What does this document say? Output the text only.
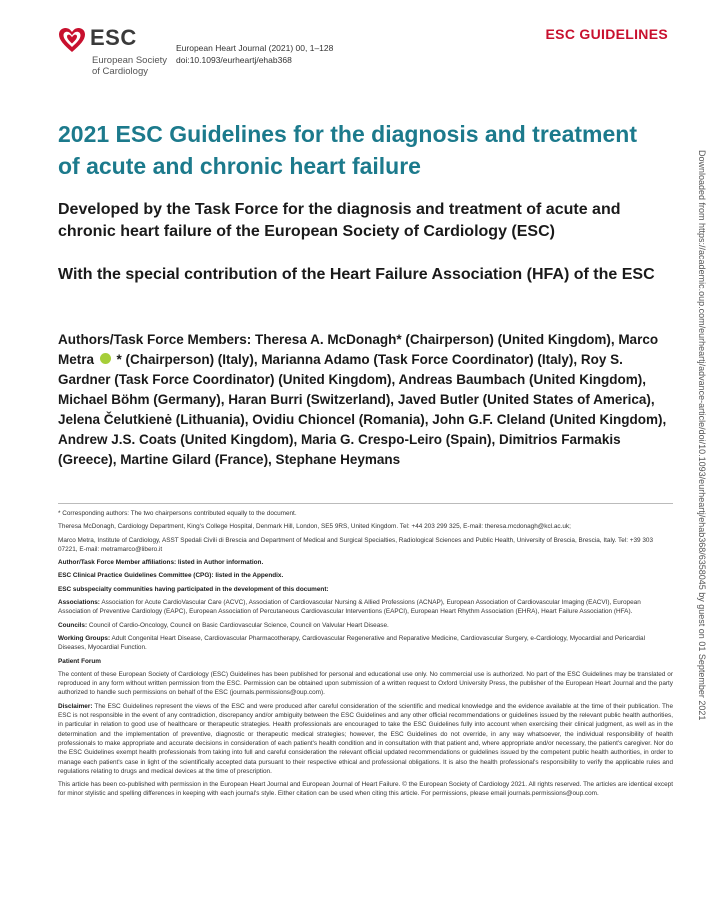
ESC
European Society
of Cardiology
European Heart Journal (2021) 00, 1–128
doi:10.1093/eurheartj/ehab368
ESC GUIDELINES
Downloaded from https://academic.oup.com/eurheartj/advance-article/doi/10.1093/eurheartj/ehab368/6358045 by guest on 01 September 2021
2021 ESC Guidelines for the diagnosis and treatment of acute and chronic heart failure
Developed by the Task Force for the diagnosis and treatment of acute and chronic heart failure of the European Society of Cardiology (ESC)
With the special contribution of the Heart Failure Association (HFA) of the ESC
Authors/Task Force Members: Theresa A. McDonagh* (Chairperson) (United Kingdom), Marco Metra * (Chairperson) (Italy), Marianna Adamo (Task Force Coordinator) (Italy), Roy S. Gardner (Task Force Coordinator) (United Kingdom), Andreas Baumbach (United Kingdom), Michael Böhm (Germany), Haran Burri (Switzerland), Javed Butler (United States of America), Jelena Čelutkienė (Lithuania), Ovidiu Chioncel (Romania), John G.F. Cleland (United Kingdom), Andrew J.S. Coats (United Kingdom), Maria G. Crespo-Leiro (Spain), Dimitrios Farmakis (Greece), Martine Gilard (France), Stephane Heymans

* Corresponding authors: The two chairpersons contributed equally to the document.

Theresa McDonagh, Cardiology Department, King's College Hospital, Denmark Hill, London, SE5 9RS, United Kingdom. Tel: +44 203 299 325, E-mail: theresa.mcdonagh@kcl.ac.uk;

Marco Metra, Institute of Cardiology, ASST Spedali Civili di Brescia and Department of Medical and Surgical Specialties, Radiological Sciences and Public Health, University of Brescia, Brescia, Italy. Tel: +39 303 07221, E-mail: metramarco@libero.it

Author/Task Force Member affiliations: listed in Author information.

ESC Clinical Practice Guidelines Committee (CPG): listed in the Appendix.

ESC subspecialty communities having participated in the development of this document:

Associations: Association for Acute CardioVascular Care (ACVC), Association of Cardiovascular Nursing & Allied Professions (ACNAP), European Association of Cardiovascular Imaging (EACVI), European Association of Preventive Cardiology (EAPC), European Association of Percutaneous Cardiovascular Interventions (EAPCI), European Heart Rhythm Association (EHRA), Heart Failure Association (HFA).

Councils: Council of Cardio-Oncology, Council on Basic Cardiovascular Science, Council on Valvular Heart Disease.

Working Groups: Adult Congenital Heart Disease, Cardiovascular Pharmacotherapy, Cardiovascular Regenerative and Reparative Medicine, Cardiovascular Surgery, e-Cardiology, Myocardial and Pericardial Diseases, Myocardial Function.

Patient Forum

The content of these European Society of Cardiology (ESC) Guidelines has been published for personal and educational use only. No commercial use is authorized. No part of the ESC Guidelines may be translated or reproduced in any form without written permission from the ESC. Permission can be obtained upon submission of a written request to Oxford University Press, the publisher of the European Heart Journal and the party authorized to handle such permissions on behalf of the ESC (journals.permissions@oup.com).

Disclaimer: The ESC Guidelines represent the views of the ESC and were produced after careful consideration of the scientific and medical knowledge and the evidence available at the time of their publication. The ESC is not responsible in the event of any contradiction, discrepancy and/or ambiguity between the ESC Guidelines and any other official recommendations or guidelines issued by the relevant public health authorities, in particular in relation to good use of healthcare or therapeutic strategies. Health professionals are encouraged to take the ESC Guidelines fully into account when exercising their clinical judgment, as well as in the determination and the implementation of preventive, diagnostic or therapeutic medical strategies; however, the ESC Guidelines do not override, in any way whatsoever, the individual responsibility of health professionals to make appropriate and accurate decisions in consideration of each patient's health condition and in consultation with that patient and, where appropriate and/or necessary, the patient's caregiver. Nor do the ESC Guidelines exempt health professionals from taking into full and careful consideration the relevant official updated recommendations or guidelines issued by the competent public health authorities, in order to manage each patient's case in light of the scientifically accepted data pursuant to their respective ethical and professional obligations. It is also the health professional's responsibility to verify the applicable rules and regulations relating to drugs and medical devices at the time of prescription.

This article has been co-published with permission in the European Heart Journal and European Journal of Heart Failure. © the European Society of Cardiology 2021. All rights reserved. The articles are identical except for minor stylistic and spelling differences in keeping with each journal's style. Either citation can be used when citing this article. For permissions, please email journals.permissions@oup.com.
